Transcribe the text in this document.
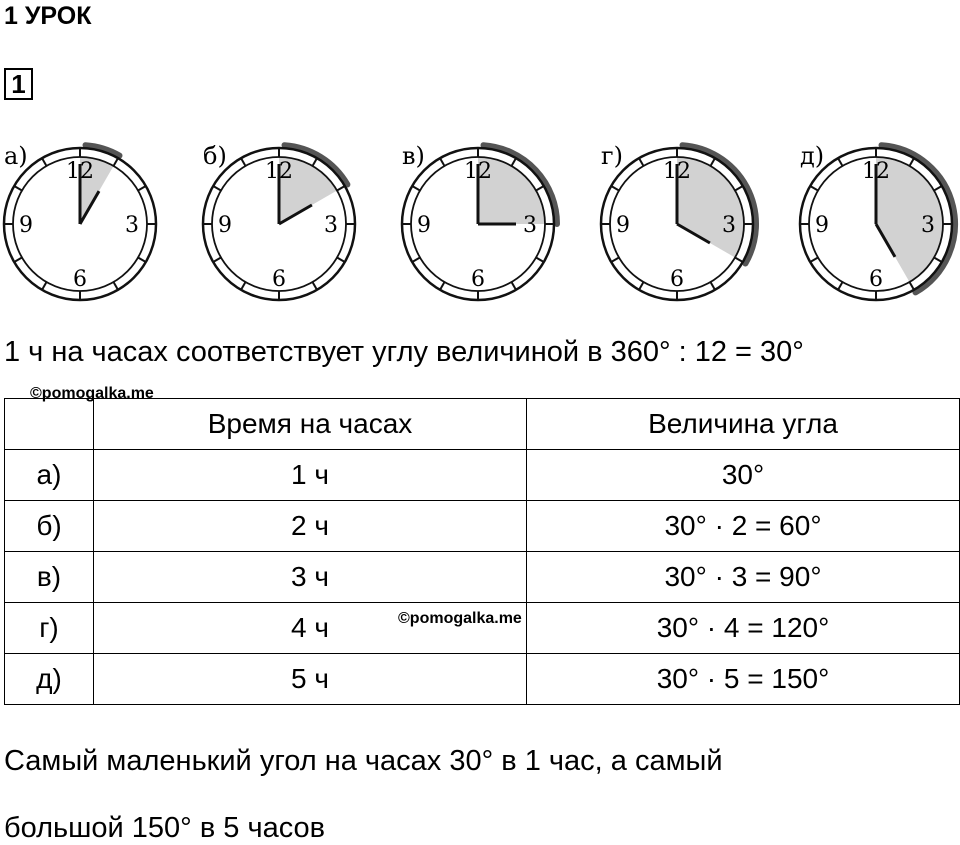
1 УРОК
1
а)
12
3
6
9
б)
12
3
6
9
в)
12
3
6
9
г)
12
3
6
9
д)
12
3
6
9
1 ч на часах соответствует углу величиной в 360° : 12 = 30°
©pomogalka.me
	Время на часах	Величина угла
а)	1 ч	30°
б)	2 ч	30° · 2 = 60°
в)	3 ч	30° · 3 = 90°
г)	4 ч	30° · 4 = 120°
д)	5 ч	30° · 5 = 150°
©pomogalka.me
Самый маленький угол на часах 30° в 1 час, а самый
большой 150° в 5 часов
